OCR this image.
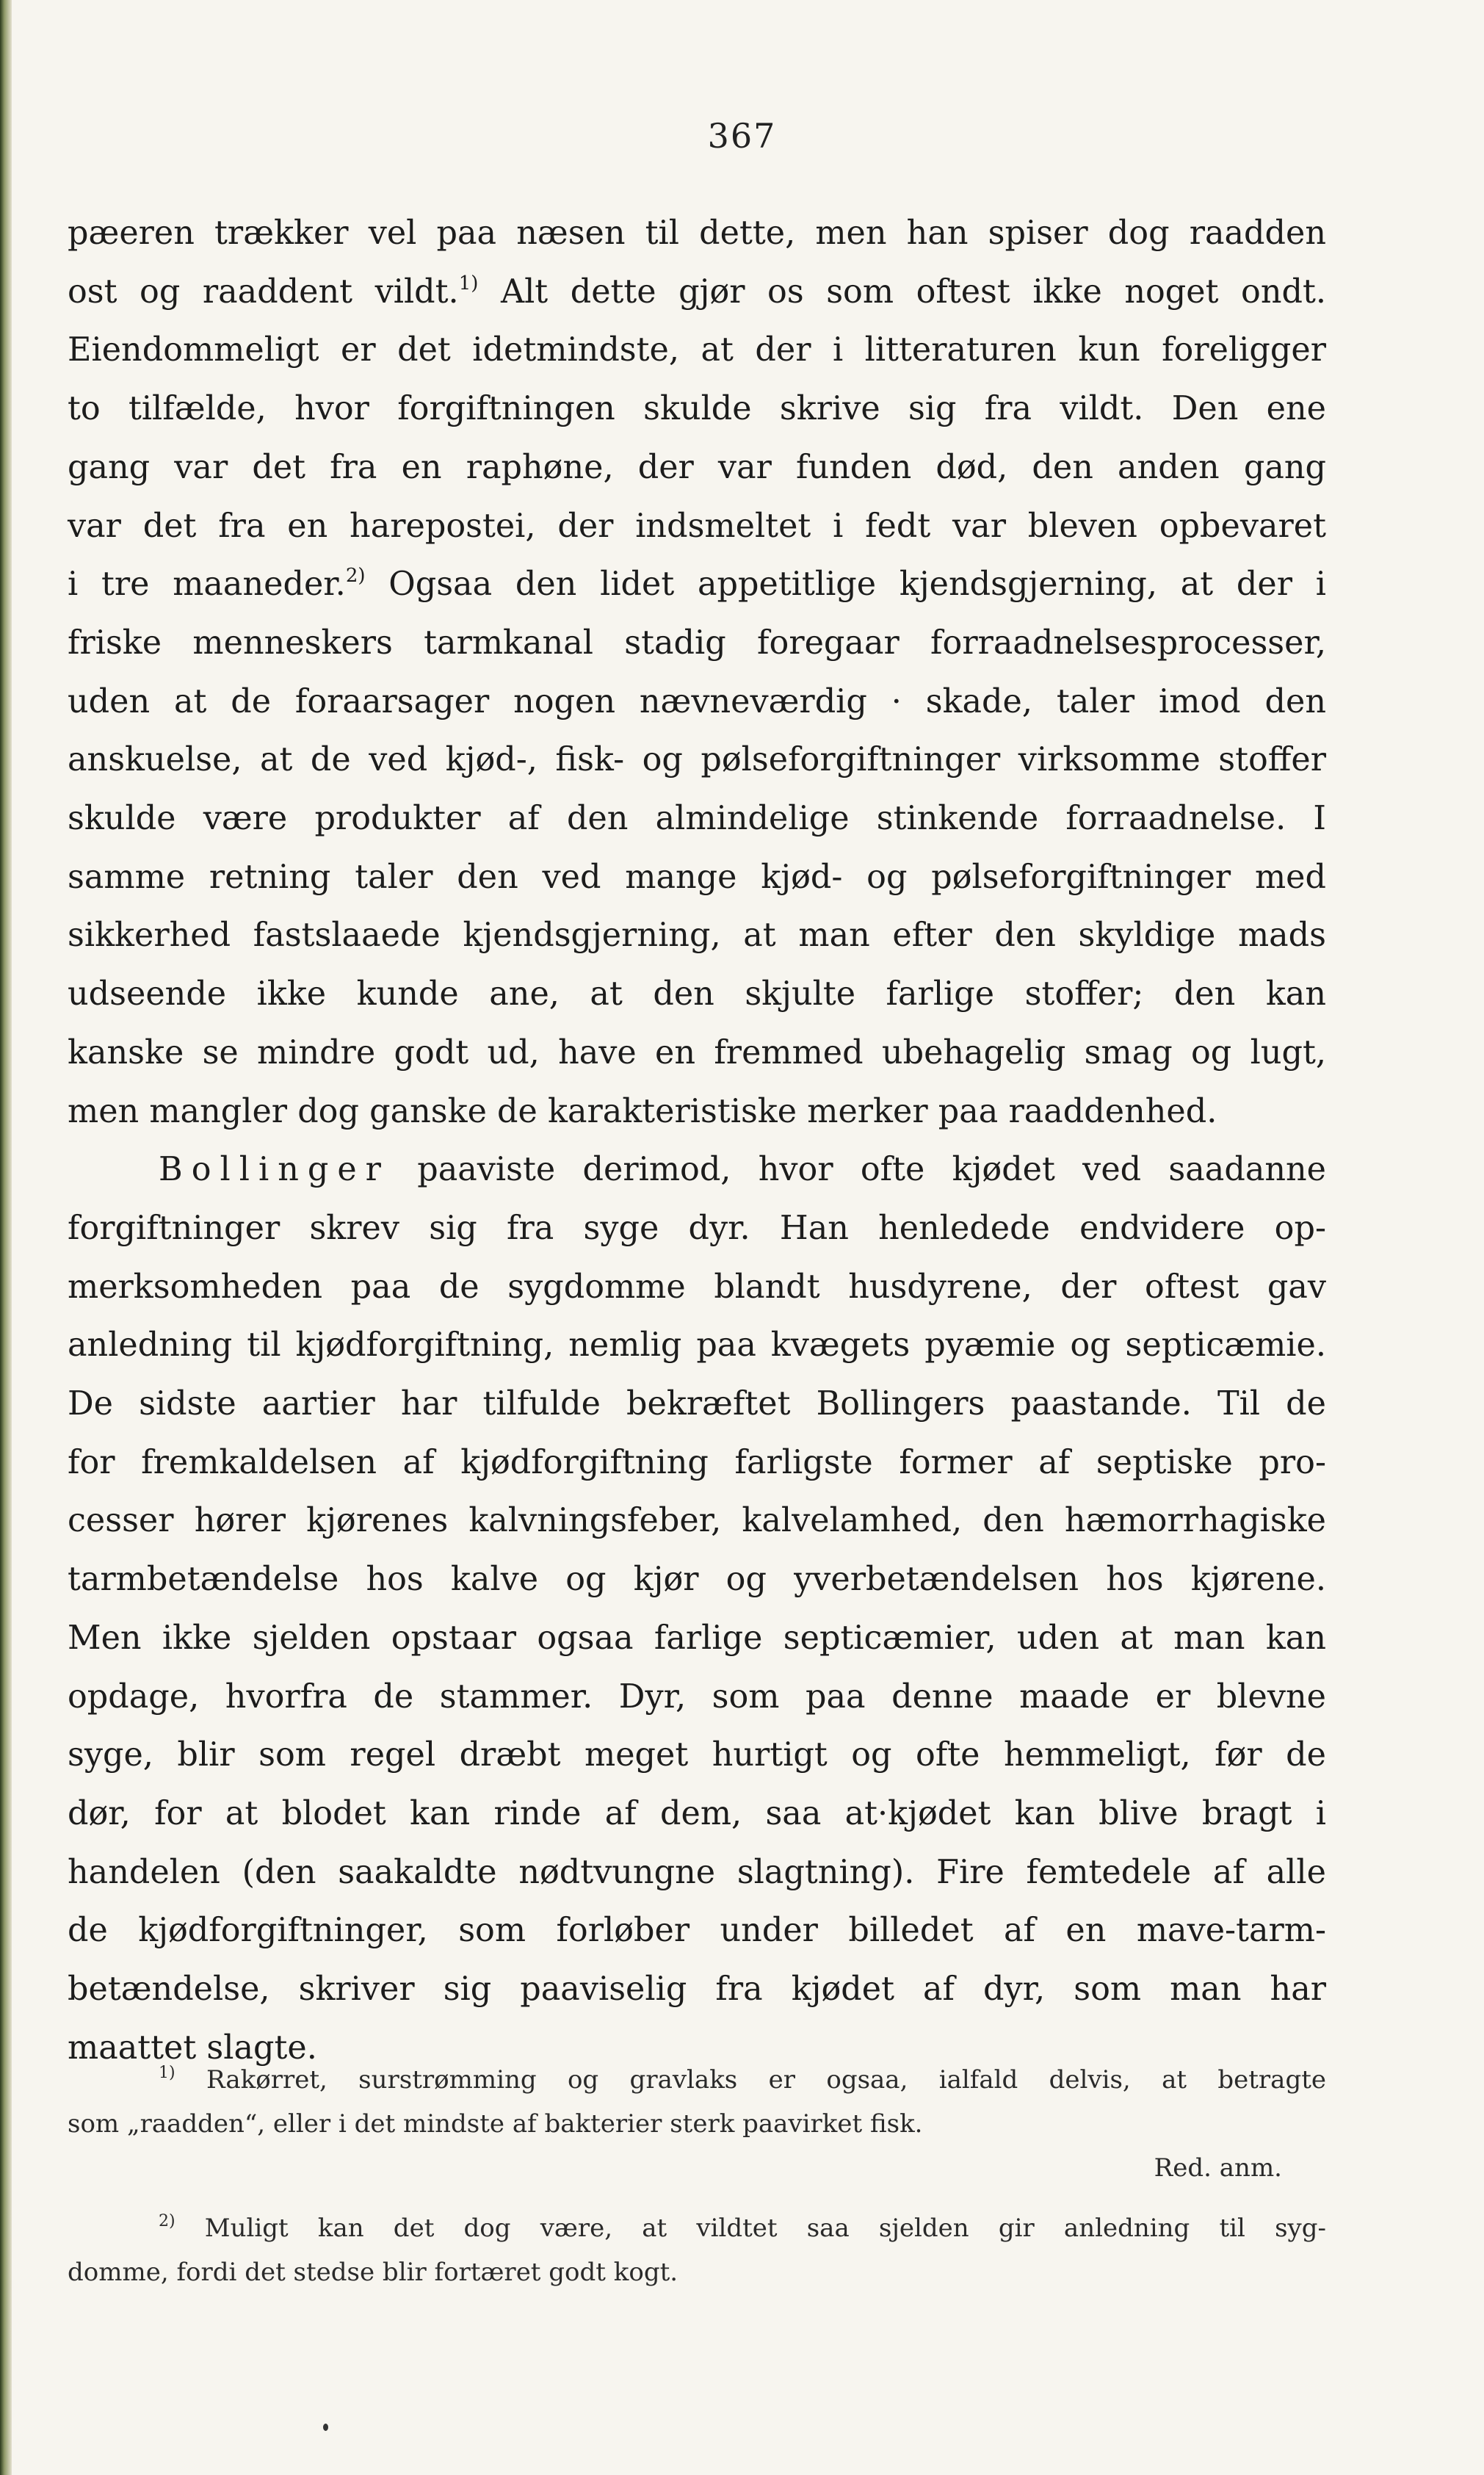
367

pæeren trækker vel paa næsen til dette, men han spiser dog raadden
ost og raaddent vildt.$^{1)}$ Alt dette gjør os som oftest ikke noget ondt.
Eiendommeligt er det idetmindste, at der i litteraturen kun foreligger
to tilfælde, hvor forgiftningen skulde skrive sig fra vildt. Den ene
gang var det fra en raphøne, der var funden død, den anden gang
var det fra en harepostei, der indsmeltet i fedt var bleven opbevaret
i tre maaneder.$^{2)}$ Ogsaa den lidet appetitlige kjendsgjerning, at der i
friske menneskers tarmkanal stadig foregaar forraadnelsesprocesser,
uden at de foraarsager nogen nævneværdig · skade, taler imod den
anskuelse, at de ved kjød-, fisk- og pølseforgiftninger virksomme stoffer
skulde være produkter af den almindelige stinkende forraadnelse. I
samme retning taler den ved mange kjød- og pølseforgiftninger med
sikkerhed fastslaaede kjendsgjerning, at man efter den skyldige mads
udseende ikke kunde ane, at den skjulte farlige stoffer; den kan
kanske se mindre godt ud, have en fremmed ubehagelig smag og lugt,
men mangler dog ganske de karakteristiske merker paa raaddenhed.

Bollinger paaviste derimod, hvor ofte kjødet ved saadanne
forgiftninger skrev sig fra syge dyr. Han henledede endvidere op-
merksomheden paa de sygdomme blandt husdyrene, der oftest gav
anledning til kjødforgiftning, nemlig paa kvægets pyæmie og septicæmie.
De sidste aartier har tilfulde bekræftet Bollingers paastande. Til de
for fremkaldelsen af kjødforgiftning farligste former af septiske pro-
cesser hører kjørenes kalvningsfeber, kalvelamhed, den hæmorrhagiske
tarmbetændelse hos kalve og kjør og yverbetændelsen hos kjørene.
Men ikke sjelden opstaar ogsaa farlige septicæmier, uden at man kan
opdage, hvorfra de stammer. Dyr, som paa denne maade er blevne
syge, blir som regel dræbt meget hurtigt og ofte hemmeligt, før de
dør, for at blodet kan rinde af dem, saa at·kjødet kan blive bragt i
handelen (den saakaldte nødtvungne slagtning). Fire femtedele af alle
de kjødforgiftninger, som forløber under billedet af en mave-tarm-
betændelse, skriver sig paaviselig fra kjødet af dyr, som man har
maattet slagte.

$^{1)}$ Rakørret, surstrømming og gravlaks er ogsaa, ialfald delvis, at betragte
som „raadden“, eller i det mindste af bakterier sterk paavirket fisk.
Red. anm.

$^{2)}$ Muligt kan det dog være, at vildtet saa sjelden gir anledning til syg-
domme, fordi det stedse blir fortæret godt kogt.
